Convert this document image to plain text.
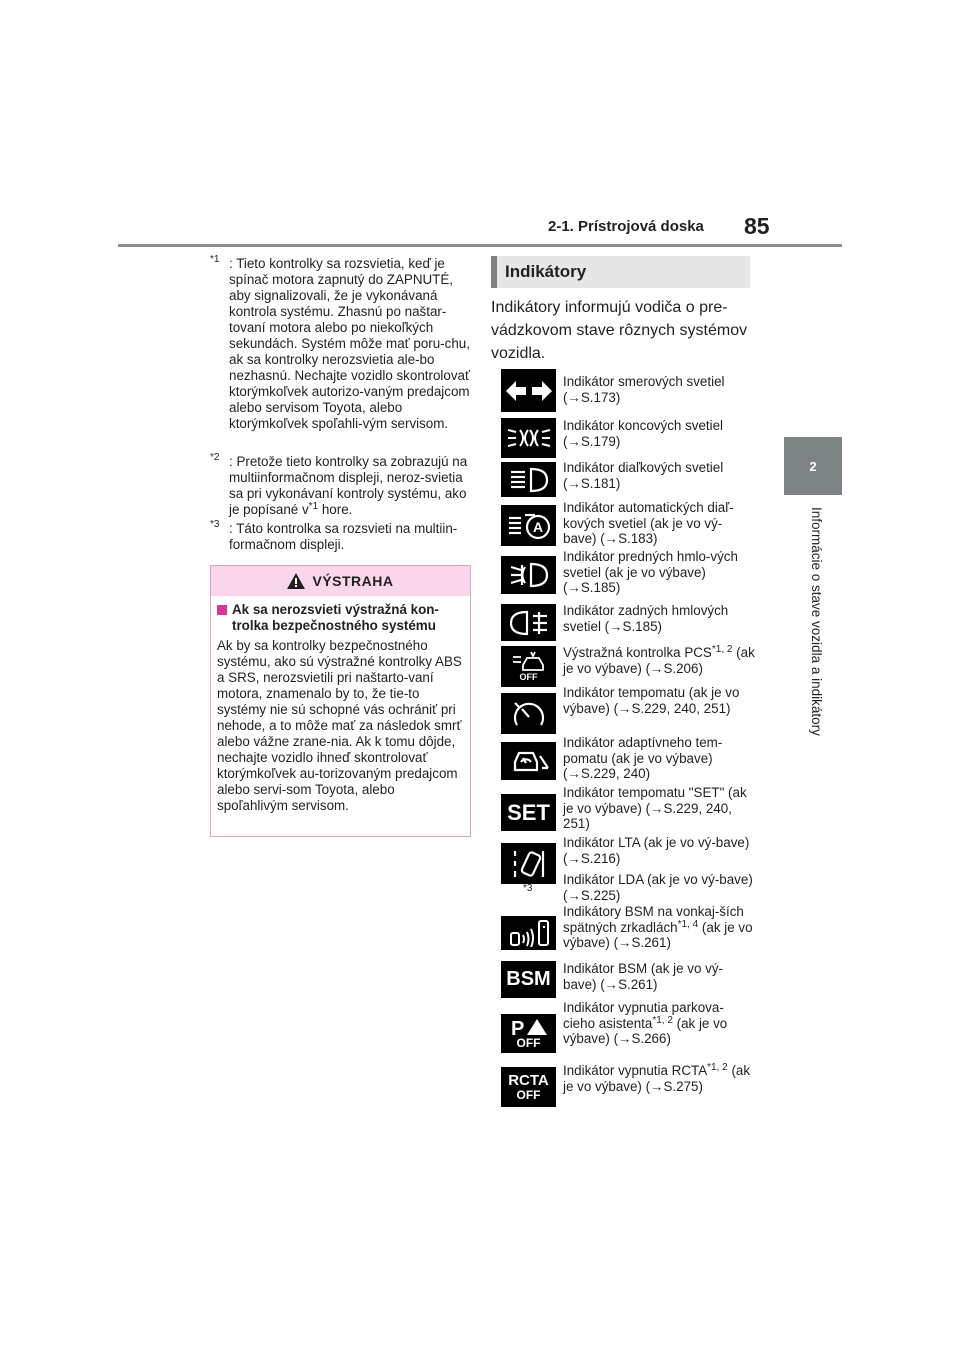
2-1. Prístrojová doska 85
2
Informácie o stave vozidla a indikátory
*1 : Tieto kontrolky sa rozsvietia, keď je spínač motora zapnutý do ZAPNUTÉ, aby signalizovali, že je vykonávaná kontrola systému. Zhasnú po naštar-tovaní motora alebo po niekoľkých sekundách. Systém môže mať poru-chu, ak sa kontrolky nerozsvietia ale-bo nezhasnú. Nechajte vozidlo skontrolovať ktorýmkoľvek autorizo-vaným predajcom alebo servisom Toyota, alebo ktorýmkoľvek spoľahli-vým servisom.
*2 : Pretože tieto kontrolky sa zobrazujú na multiinformačnom displeji, neroz-svietia sa pri vykonávaní kontroly systému, ako je popísané $v^{*1}$ hore.
*3 : Táto kontrolka sa rozsvieti na multiin-formačnom displeji.
VÝSTRAHA
Ak sa nerozsvieti výstražná kon-trolka bezpečnostného systému
Ak by sa kontrolky bezpečnostného systému, ako sú výstražné kontrolky ABS a SRS, nerozsvietili pri naštarto-vaní motora, znamenalo by to, že tie-to systémy nie sú schopné vás ochrániť pri nehode, a to môže mať za následok smrť alebo vážne zrane-nia. Ak k tomu dôjde, nechajte vozidlo ihneď skontrolovať ktorýmkoľvek au-torizovaným predajcom alebo servi-som Toyota, alebo spoľahlivým servisom.
Indikátory
Indikátory informujú vodiča o pre-vádzkovom stave rôznych systémov vozidla.
A
OFF
SET
*3
BSM
P
OFF
RCTA
OFF
Indikátor smerových svetiel (→S.173)
Indikátor koncových svetiel (→S.179)
Indikátor diaľkových svetiel (→S.181)
Indikátor automatických diaľ-kových svetiel (ak je vo vý-bave) (→S.183)
Indikátor predných hmlo-vých svetiel (ak je vo výbave) (→S.185)
Indikátor zadných hmlových svetiel (→S.185)
Výstražná kontrolka PCS$^{*1, 2}$ (ak je vo výbave) (→S.206)
Indikátor tempomatu (ak je vo výbave) (→S.229, 240, 251)
Indikátor adaptívneho tem-pomatu (ak je vo výbave) (→S.229, 240)
Indikátor tempomatu "SET" (ak je vo výbave) (→S.229, 240, 251)
Indikátor LTA (ak je vo vý-bave) (→S.216)
Indikátor LDA (ak je vo vý-bave) (→S.225)
Indikátory BSM na vonkaj-ších spätných zrkadlách$^{*1, 4}$ (ak je vo výbave) (→S.261)
Indikátor BSM (ak je vo vý-bave) (→S.261)
Indikátor vypnutia parkova-cieho asistenta$^{*1, 2}$ (ak je vo výbave) (→S.266)
Indikátor vypnutia RCTA$^{*1, 2}$ (ak je vo výbave) (→S.275)
